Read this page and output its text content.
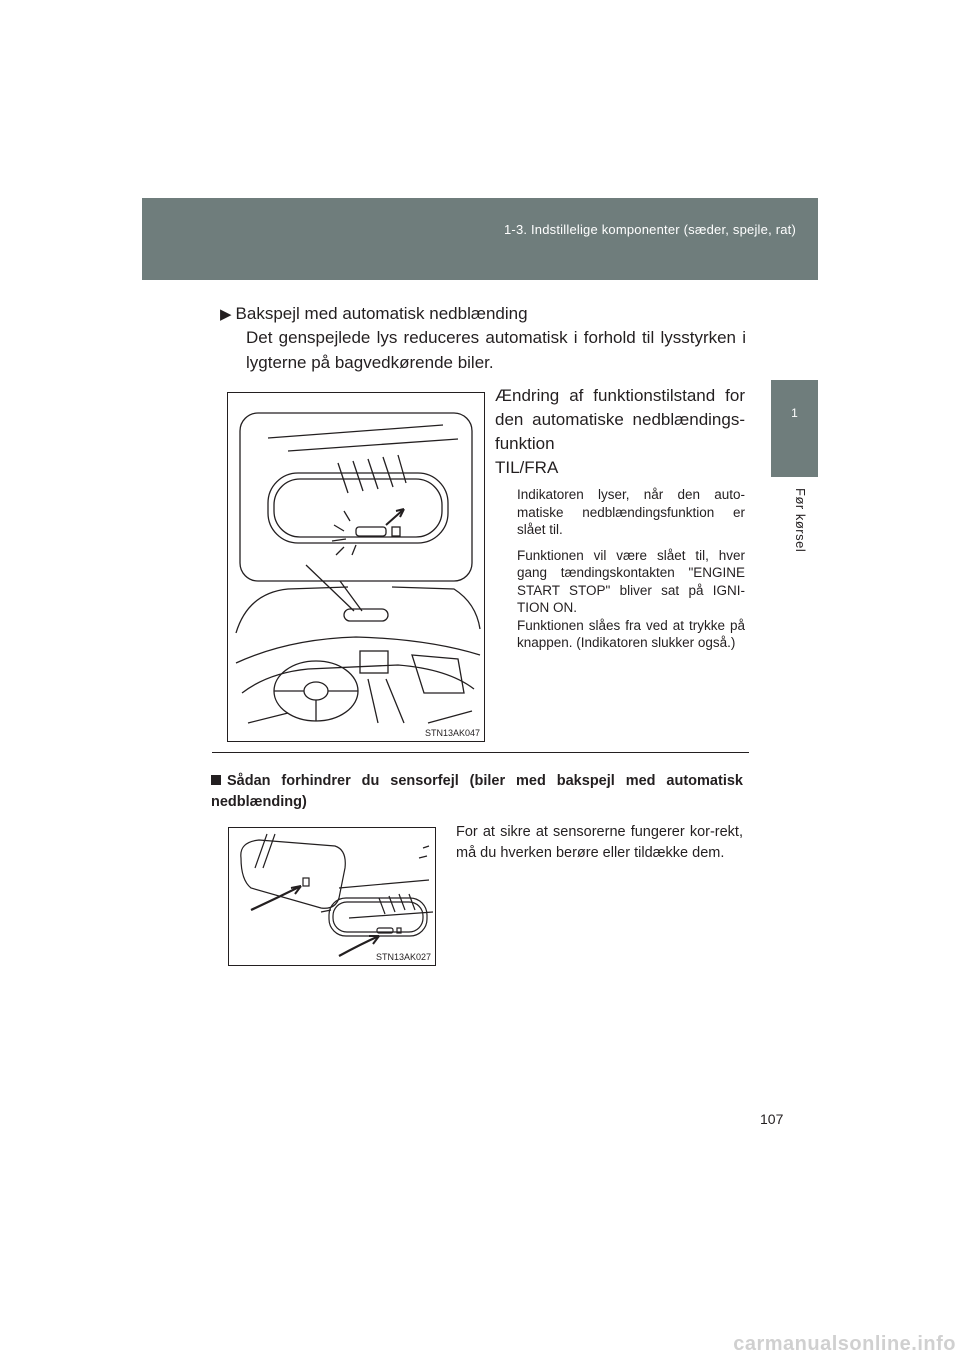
1-3. Indstillelige komponenter (sæder, spejle, rat)
1
Før kørsel
▶ Bakspejl med automatisk nedblænding
Det genspejlede lys reduceres automatisk i forhold til lysstyrken i lygterne på bagvedkørende biler.
STN13AK047
Ændring af funktionstilstand for den automatiske nedblændings-funktion
TIL/FRA

Indikatoren lyser, når den auto-matiske nedblændingsfunktion er slået til.

Funktionen vil være slået til, hver gang tændingskontakten "ENGINE START STOP" bliver sat på IGNI-TION ON.

Funktionen slåes fra ved at trykke på knappen. (Indikatoren slukker også.)

Sådan forhindrer du sensorfejl (biler med bakspejl med automatisk nedblænding)
STN13AK027
For at sikre at sensorerne fungerer kor-rekt, må du hverken berøre eller tildække dem.
107
carmanualsonline.info
